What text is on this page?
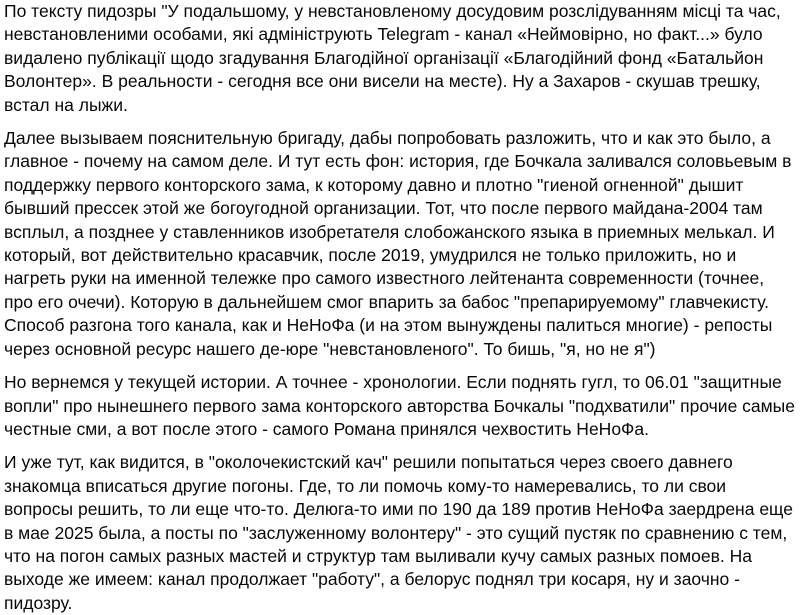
По тексту пидозры "У подальшому, у невстановленому досудовим розслідуванням місці та час, невстановленими особами, які адмініструють Telegram - канал «Неймовірно, но факт...» було видалено публікації щодо згадування Благодійної організації «Благодійний фонд «Батальйон Волонтер». В реальности - сегодня все они висели на месте). Ну а Захаров - скушав трешку, встал на лыжи.

Далее вызываем пояснительную бригаду, дабы попробовать разложить, что и как это было, а главное - почему на самом деле. И тут есть фон: история, где Бочкала заливался соловьевым в поддержку первого конторского зама, к которому давно и плотно "гиеной огненной" дышит бывший прессек этой же богоугодной организации. Тот, что после первого майдана-2004 там всплыл, а позднее у ставленников изобретателя слобожанского языка в приемных мелькал. И который, вот действительно красавчик, после 2019, умудрился не только приложить, но и нагреть руки на именной тележке про самого известного лейтенанта современности (точнее, про его очечи). Которую в дальнейшем смог впарить за бабос "препарируемому" главчекисту. Способ разгона того канала, как и НеНоФа (и на этом вынуждены палиться многие) - репосты через основной ресурс нашего де-юре "невстановленого". То бишь, "я, но не я")

Но вернемся у текущей истории. А точнее - хронологии. Если поднять гугл, то 06.01 "защитные вопли" про нынешнего первого зама конторского авторства Бочкалы "подхватили" прочие самые честные сми, а вот после этого - самого Романа принялся чехвостить НеНоФа.

И уже тут, как видится, в "околочекистский кач" решили попытаться через своего давнего знакомца вписаться другие погоны. Где, то ли помочь кому-то намеревались, то ли свои вопросы решить, то ли еще что-то. Делюга-то ими по 190 да 189 против НеНоФа заердрена еще в мае 2025 была, а посты по "заслуженному волонтеру" - это сущий пустяк по сравнению с тем, что на погон самых разных мастей и структур там выливали кучу самых разных помоев. На выходе же имеем: канал продолжает "работу", а белорус поднял три косаря, ну и заочно - пидозру.
